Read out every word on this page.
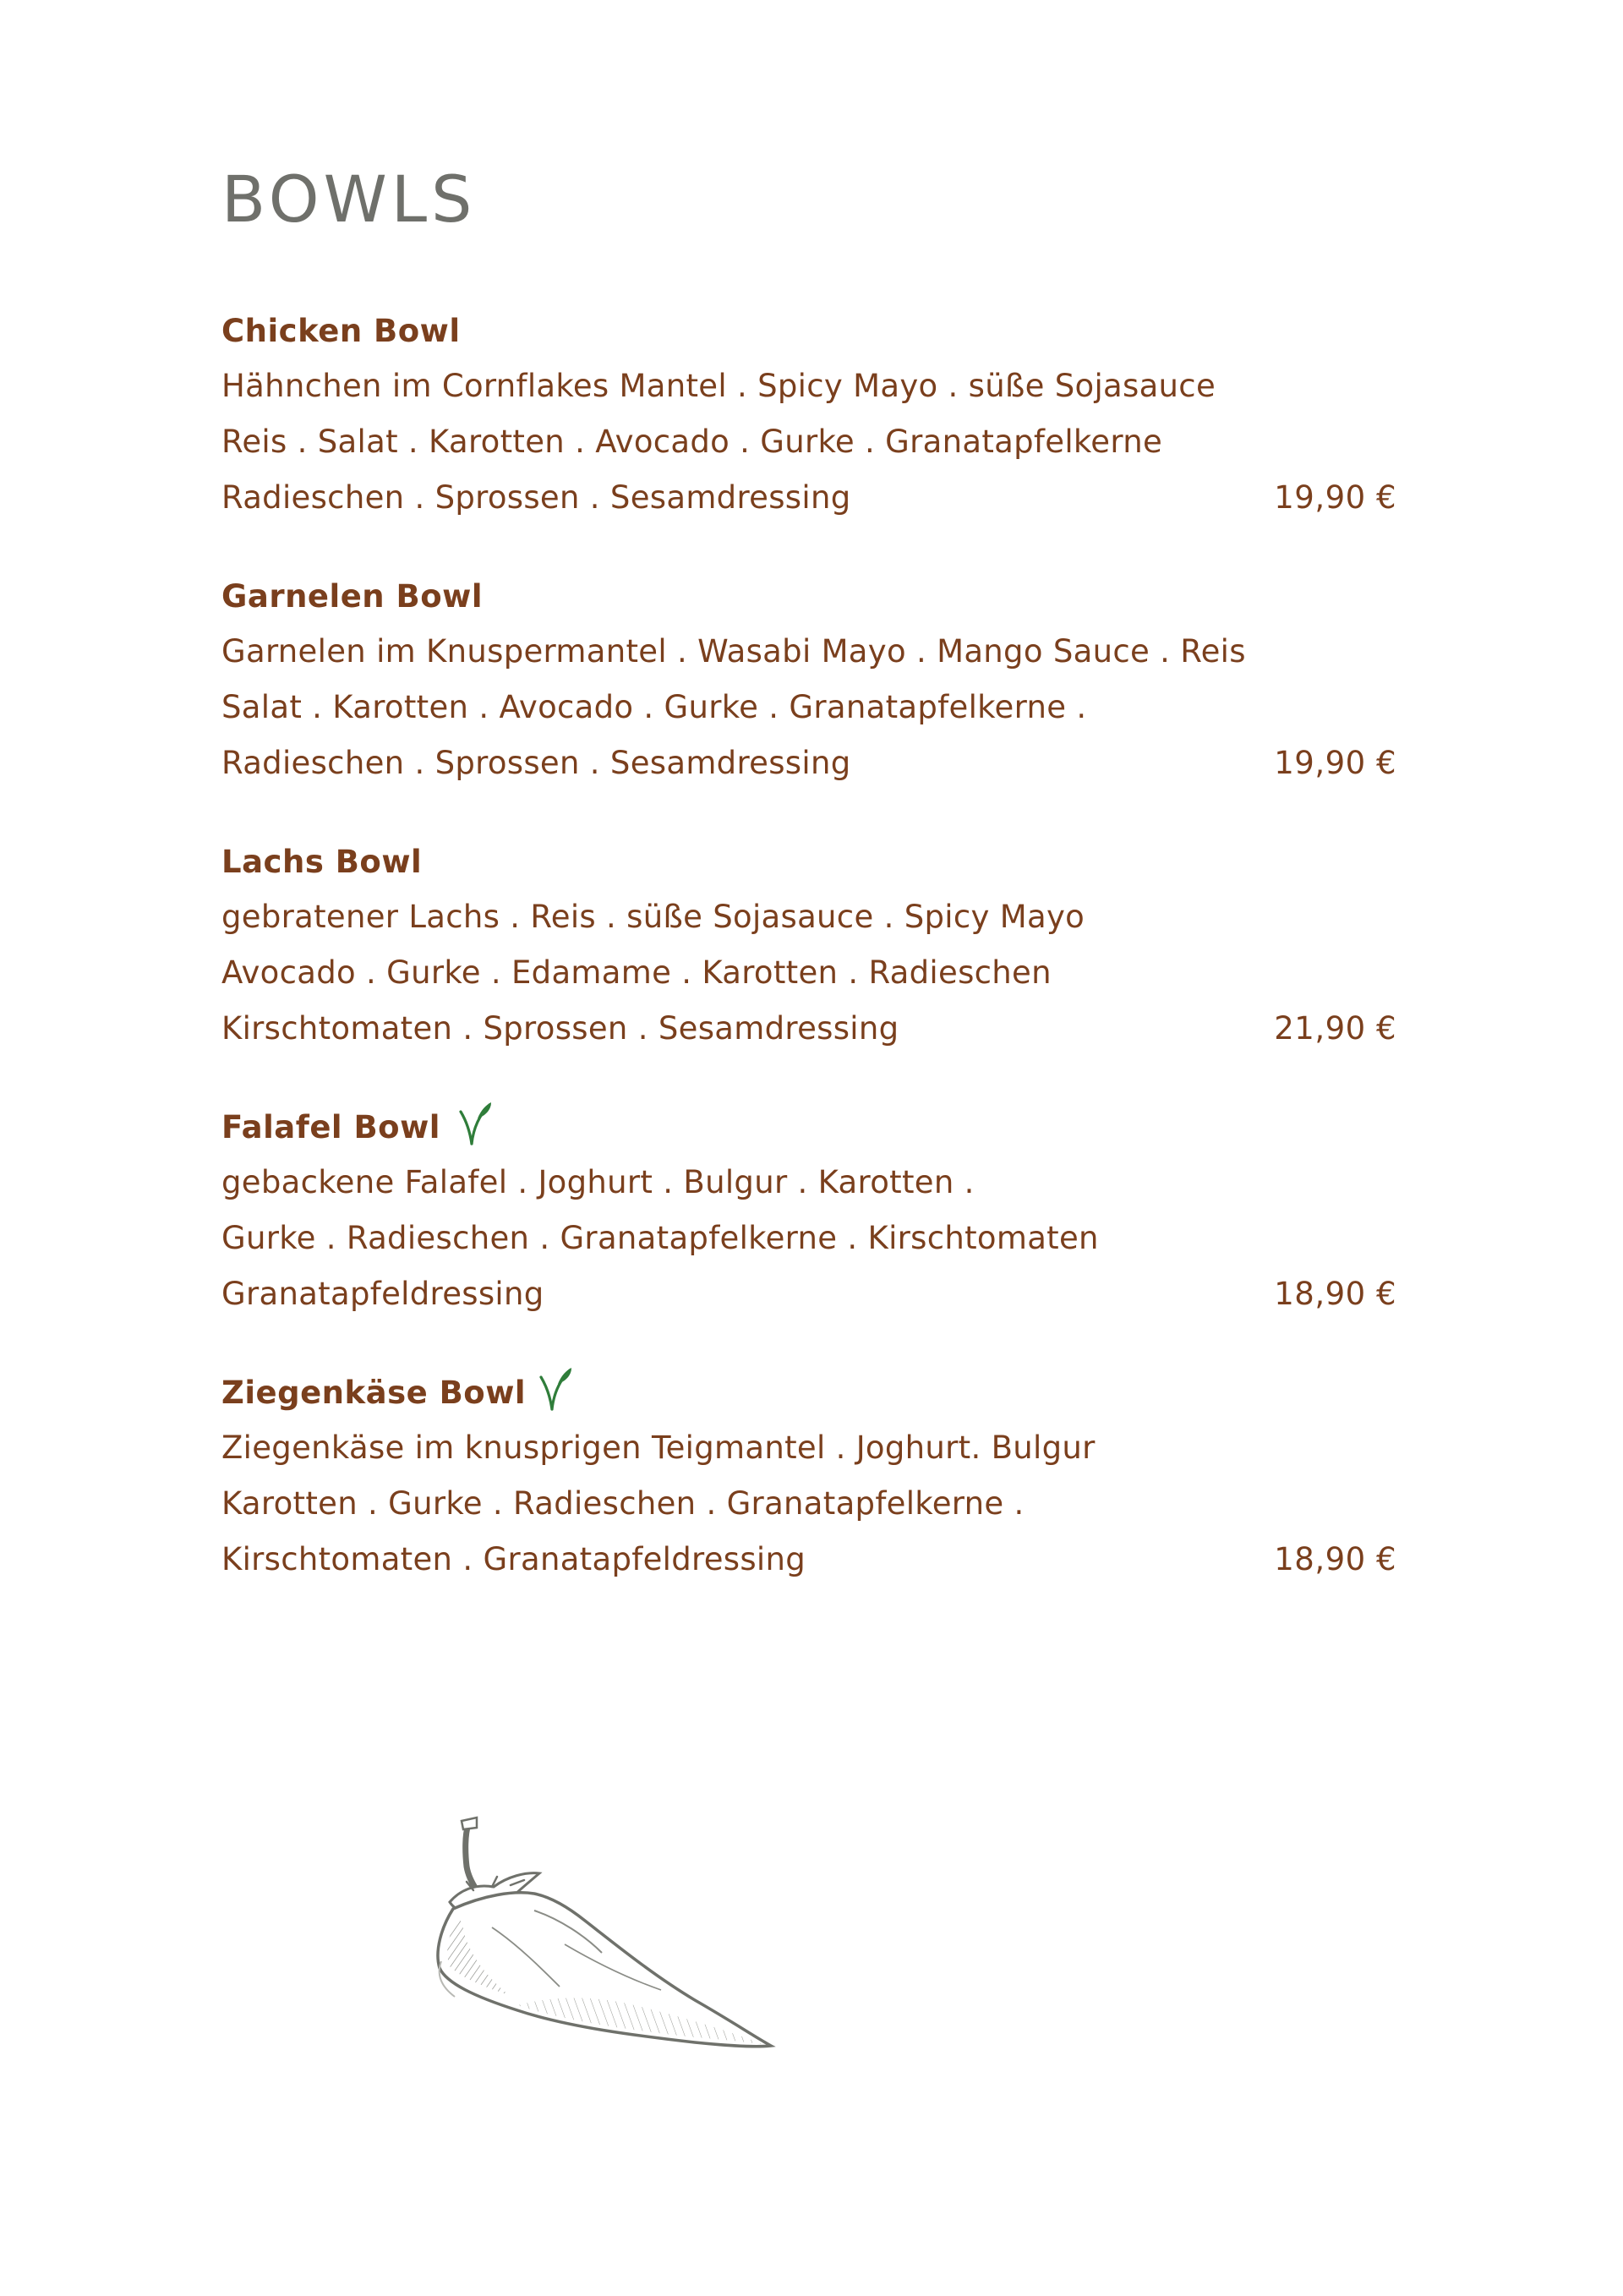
BOWLS
Chicken Bowl
Hähnchen im Cornflakes Mantel . Spicy Mayo . süße Sojasauce
Reis . Salat . Karotten . Avocado . Gurke . Granatapfelkerne
Radieschen . Sprossen . Sesamdressing	19,90 €
Garnelen Bowl
Garnelen im Knuspermantel . Wasabi Mayo . Mango Sauce . Reis
Salat . Karotten . Avocado . Gurke . Granatapfelkerne .
Radieschen . Sprossen . Sesamdressing	19,90 €
Lachs Bowl
gebratener Lachs . Reis . süße Sojasauce . Spicy Mayo
Avocado . Gurke . Edamame . Karotten . Radieschen
Kirschtomaten . Sprossen . Sesamdressing	21,90 €
Falafel Bowl
gebackene Falafel . Joghurt . Bulgur . Karotten .
Gurke . Radieschen . Granatapfelkerne . Kirschtomaten
Granatapfeldressing	18,90 €
Ziegenkäse Bowl
Ziegenkäse im knusprigen Teigmantel . Joghurt. Bulgur
Karotten . Gurke . Radieschen . Granatapfelkerne .
Kirschtomaten . Granatapfeldressing	18,90 €
